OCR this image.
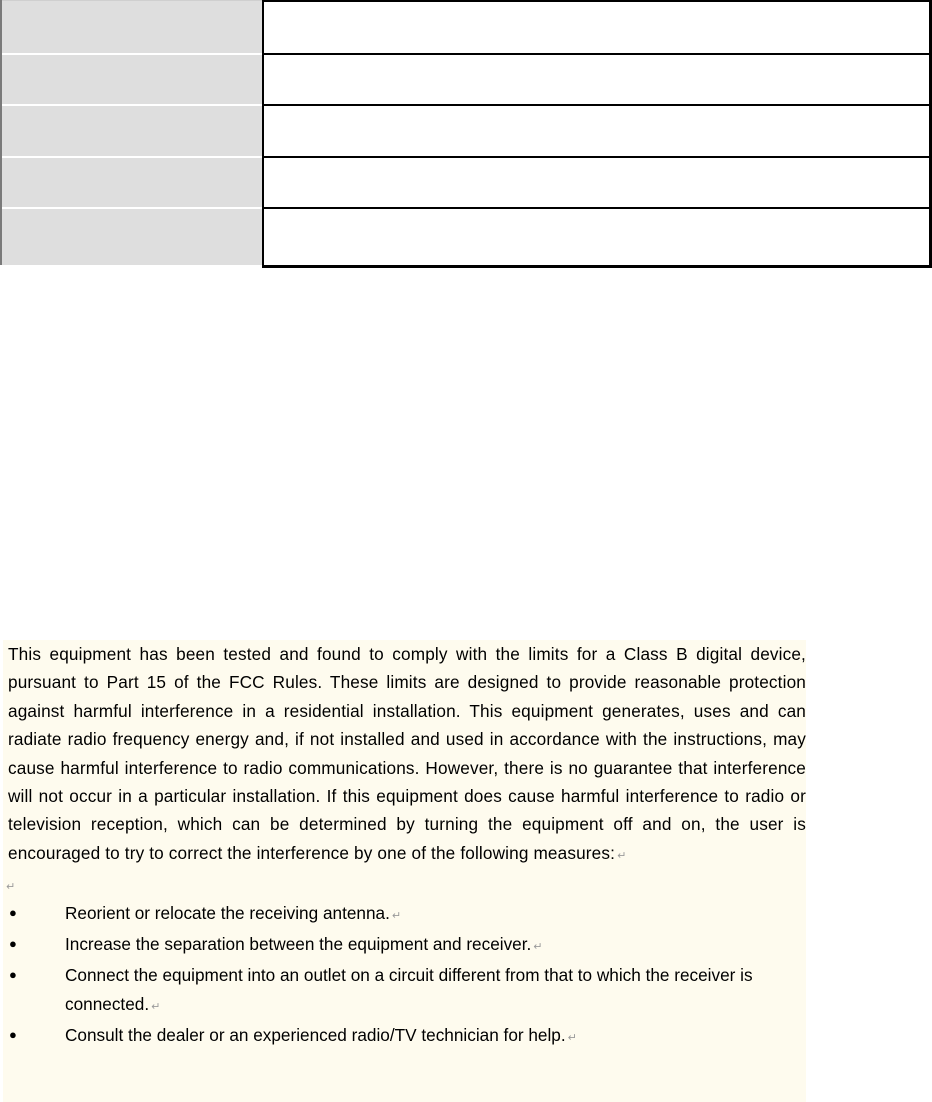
This equipment has been tested and found to comply with the limits for a Class B digital device, pursuant to Part 15 of the FCC Rules. These limits are designed to provide reasonable protection against harmful interference in a residential installation. This equipment generates, uses and can radiate radio frequency energy and, if not installed and used in accordance with the instructions, may cause harmful interference to radio communications. However, there is no guarantee that interference will not occur in a particular installation. If this equipment does cause harmful interference to radio or television reception, which can be determined by turning the equipment off and on, the user is encouraged to try to correct the interference by one of the following measures: ↵

↵
●	Reorient or relocate the receiving antenna. ↵
●	Increase the separation between the equipment and receiver. ↵
●	Connect the equipment into an outlet on a circuit different from that to which the receiver is connected. ↵
●	Consult the dealer or an experienced radio/TV technician for help. ↵
